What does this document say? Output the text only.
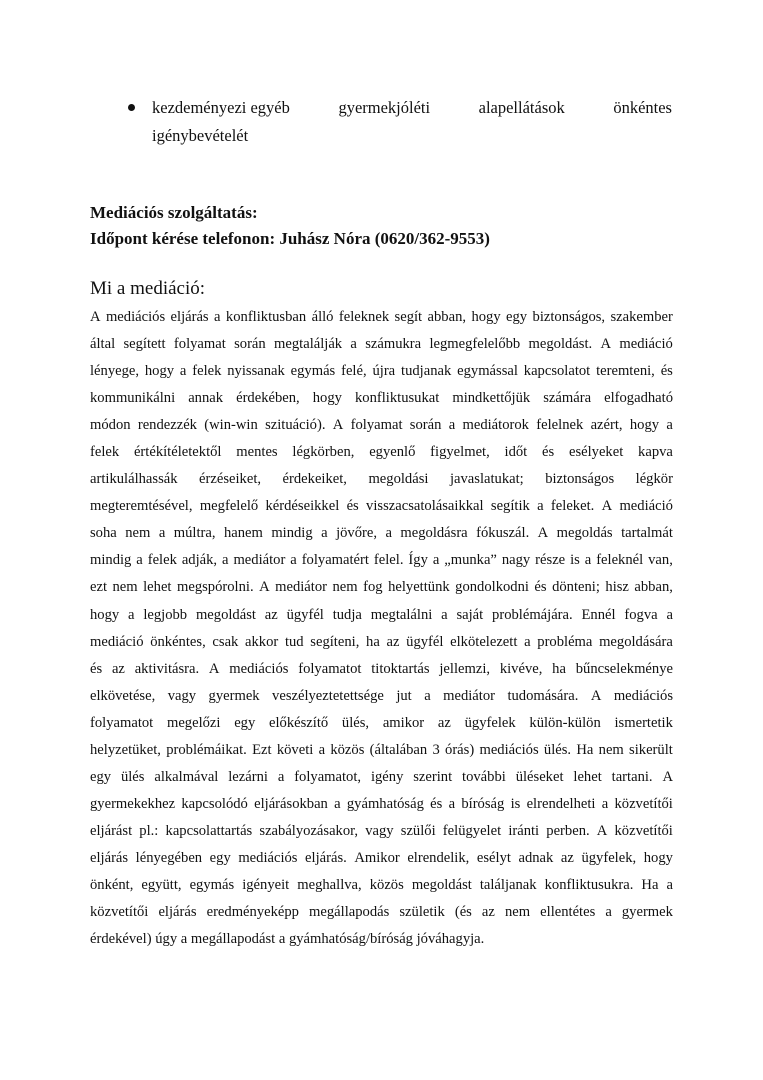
kezdeményezi egyéb	gyermekjóléti	alapellátások	önkéntes
igénybevételét
Mediációs szolgáltatás:
Időpont kérése telefonon: Juhász Nóra (0620/362-9553)
Mi a mediáció:
A mediációs eljárás a konfliktusban álló feleknek segít abban, hogy egy biztonságos, szakember
által segített folyamat során megtalálják a számukra legmegfelelőbb megoldást. A mediáció
lényege, hogy a felek nyissanak egymás felé, újra tudjanak egymással kapcsolatot teremteni, és
kommunikálni annak érdekében, hogy konfliktusukat mindkettőjük számára elfogadható
módon rendezzék (win-win szituáció). A folyamat során a mediátorok felelnek azért, hogy a
felek értékítéletektől mentes légkörben, egyenlő figyelmet, időt és esélyeket kapva
artikulálhassák érzéseiket, érdekeiket, megoldási javaslatukat; biztonságos légkör
megteremtésével, megfelelő kérdéseikkel és visszacsatolásaikkal segítik a feleket. A mediáció
soha nem a múltra, hanem mindig a jövőre, a megoldásra fókuszál. A megoldás tartalmát
mindig a felek adják, a mediátor a folyamatért felel. Így a „munka” nagy része is a feleknél van,
ezt nem lehet megspórolni. A mediátor nem fog helyettünk gondolkodni és dönteni; hisz abban,
hogy a legjobb megoldást az ügyfél tudja megtalálni a saját problémájára. Ennél fogva a
mediáció önkéntes, csak akkor tud segíteni, ha az ügyfél elkötelezett a probléma megoldására
és az aktivitásra. A mediációs folyamatot titoktartás jellemzi, kivéve, ha bűncselekménye
elkövetése, vagy gyermek veszélyeztetettsége jut a mediátor tudomására. A mediációs
folyamatot megelőzi egy előkészítő ülés, amikor az ügyfelek külön-külön ismertetik
helyzetüket, problémáikat. Ezt követi a közös (általában 3 órás) mediációs ülés. Ha nem sikerült
egy ülés alkalmával lezárni a folyamatot, igény szerint további üléseket lehet tartani. A
gyermekekhez kapcsolódó eljárásokban a gyámhatóság és a bíróság is elrendelheti a közvetítői
eljárást pl.: kapcsolattartás szabályozásakor, vagy szülői felügyelet iránti perben. A közvetítői
eljárás lényegében egy mediációs eljárás. Amikor elrendelik, esélyt adnak az ügyfelek, hogy
önként, együtt, egymás igényeit meghallva, közös megoldást találjanak konfliktusukra. Ha a
közvetítői eljárás eredményeképp megállapodás születik (és az nem ellentétes a gyermek
érdekével) úgy a megállapodást a gyámhatóság/bíróság jóváhagyja.
